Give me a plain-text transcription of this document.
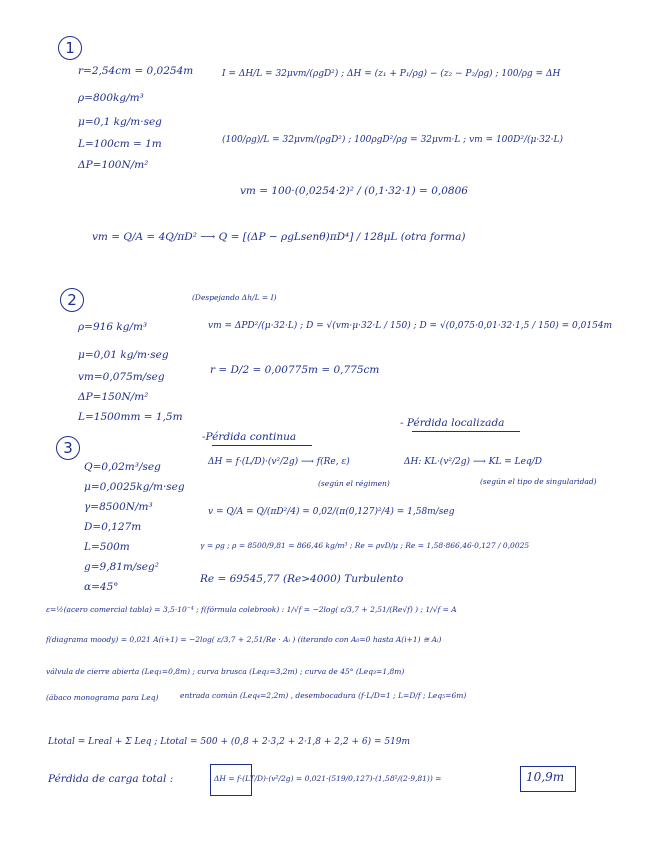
1
r=2,54cm = 0,0254m
ρ=800kg/m³
μ=0,1 kg/m·seg
L=100cm = 1m
ΔP=100N/m²
I = ΔH/L = 32μvm/(ρgD²) ; ΔH = (z₁ + P₁/ρg) − (z₂ − P₂/ρg) ; 100/ρg = ΔH
(100/ρg)/L = 32μvm/(ρgD²) ; 100ρgD²/ρg = 32μvm·L ; vm = 100D²/(μ·32·L)
vm = 100·(0,0254·2)² / (0,1·32·1) = 0,0806
vm = Q/A = 4Q/πD² ⟶ Q = [(ΔP − ρgLsenθ)πD⁴] / 128μL (otra forma)
2
ρ=916 kg/m³
μ=0,01 kg/m·seg
vm=0,075m/seg
ΔP=150N/m²
L=1500mm = 1,5m
(Despejando Δh/L = I)
vm = ΔPD²/(μ·32·L) ; D = √(vm·μ·32·L / 150) ; D = √(0,075·0,01·32·1,5 / 150) = 0,0154m
r = D/2 = 0,00775m = 0,775cm
3
Q=0,02m³/seg
μ=0,0025kg/m·seg
γ=8500N/m³
D=0,127m
L=500m
g=9,81m/seg²
α=45°
-Pérdida continua
ΔH = f·(L/D)·(v²/2g) ⟶ f(Re, ε)
(según el régimen)
- Pérdida localizada
ΔH: KL·(v²/2g) ⟶ KL = Leq/D
(según el tipo de singularidad)
v = Q/A = Q/(πD²/4) = 0,02/(π(0,127)²/4) = 1,58m/seg
γ = ρg ; ρ = 8500/9,81 = 866,46 kg/m³ ; Re = ρvD/μ ; Re = 1,58·866,46·0,127 / 0,0025
Re = 69545,77 (Re>4000) Turbulento
ε=½(acero comercial tabla) = 3,5·10⁻⁴ ; f(fórmula colebrook) : 1/√f = −2log( ε/3,7 + 2,51/(Re√f) ) ; 1/√f = A
f(diagrama moody) = 0,021 A(i+1) = −2log( ε/3,7 + 2,51/Re · Aᵢ ) (iterando con A₀=0 hasta A(i+1) ≅ Aᵢ)
válvula de cierre abierta (Leq₁=0,8m) ; curva brusca (Leq₂=3,2m) ; curva de 45° (Leq₃=1,8m)
(ábaco monograma para Leq)	entrada común (Leq₄=2,2m) , desembocadura (f·L/D=1 ; L=D/f ; Leq₅=6m)
Ltotal = Lreal + Σ Leq ; Ltotal = 500 + (0,8 + 2·3,2 + 2·1,8 + 2,2 + 6) = 519m
Pérdida de carga total :	ΔH = f·(LT/D)·(v²/2g) = 0,021·(519/0,127)·(1,58²/(2·9,81)) =	10,9m
